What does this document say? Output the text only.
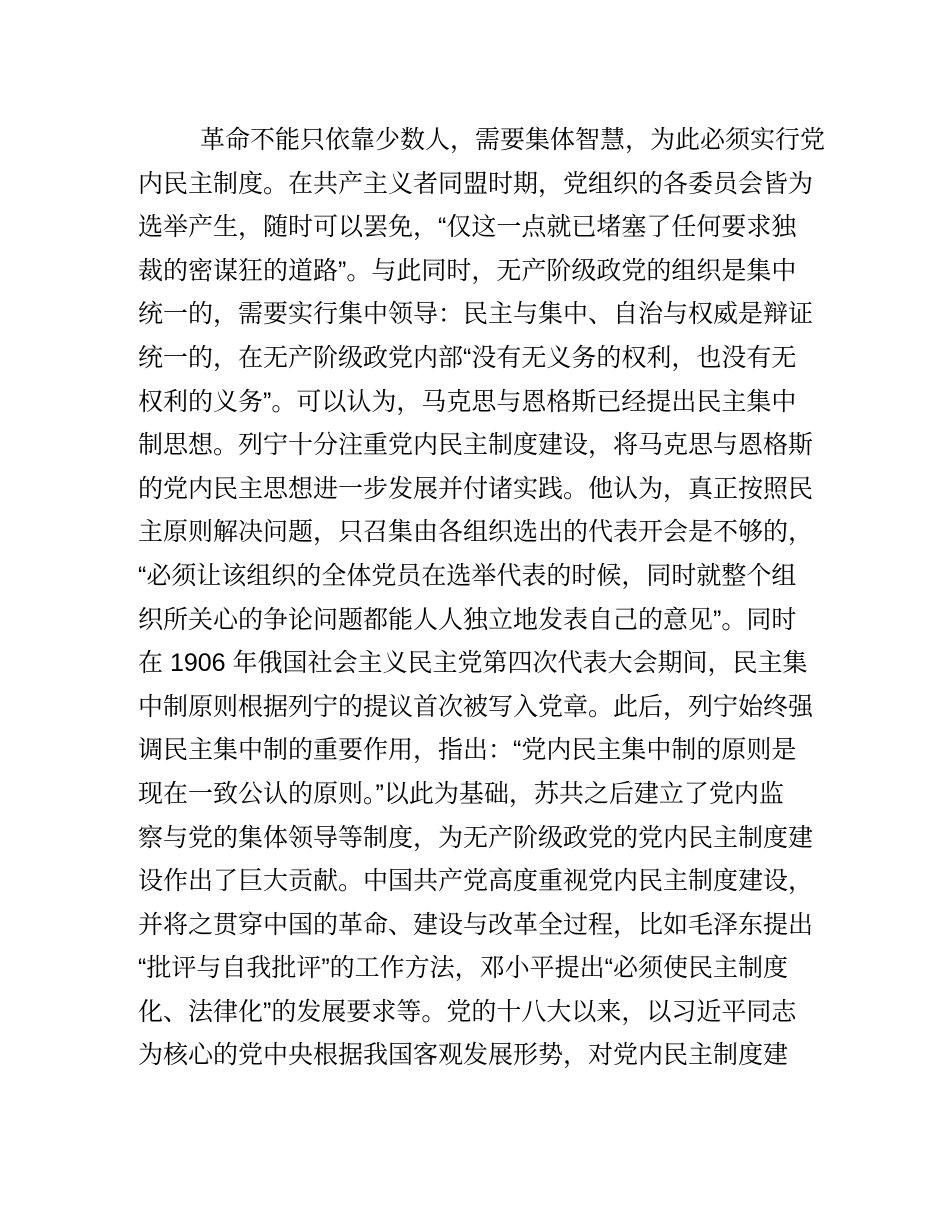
革命不能只依靠少数人，需要集体智慧，为此必须实行党
内民主制度。在共产主义者同盟时期，党组织的各委员会皆为
选举产生，随时可以罢免，“仅这一点就已堵塞了任何要求独
裁的密谋狂的道路”。与此同时，无产阶级政党的组织是集中
统一的，需要实行集中领导：民主与集中、自治与权威是辩证
统一的，在无产阶级政党内部“没有无义务的权利，也没有无
权利的义务”。可以认为，马克思与恩格斯已经提出民主集中
制思想。列宁十分注重党内民主制度建设，将马克思与恩格斯
的党内民主思想进一步发展并付诸实践。他认为，真正按照民
主原则解决问题，只召集由各组织选出的代表开会是不够的，
“必须让该组织的全体党员在选举代表的时候，同时就整个组
织所关心的争论问题都能人人独立地发表自己的意见”。同时
在 1906 年俄国社会主义民主党第四次代表大会期间，民主集
中制原则根据列宁的提议首次被写入党章。此后，列宁始终强
调民主集中制的重要作用，指出：“党内民主集中制的原则是
现在一致公认的原则。”以此为基础，苏共之后建立了党内监
察与党的集体领导等制度，为无产阶级政党的党内民主制度建
设作出了巨大贡献。中国共产党高度重视党内民主制度建设，
并将之贯穿中国的革命、建设与改革全过程，比如毛泽东提出
“批评与自我批评”的工作方法，邓小平提出“必须使民主制度
化、法律化”的发展要求等。党的十八大以来，以习近平同志
为核心的党中央根据我国客观发展形势，对党内民主制度建
